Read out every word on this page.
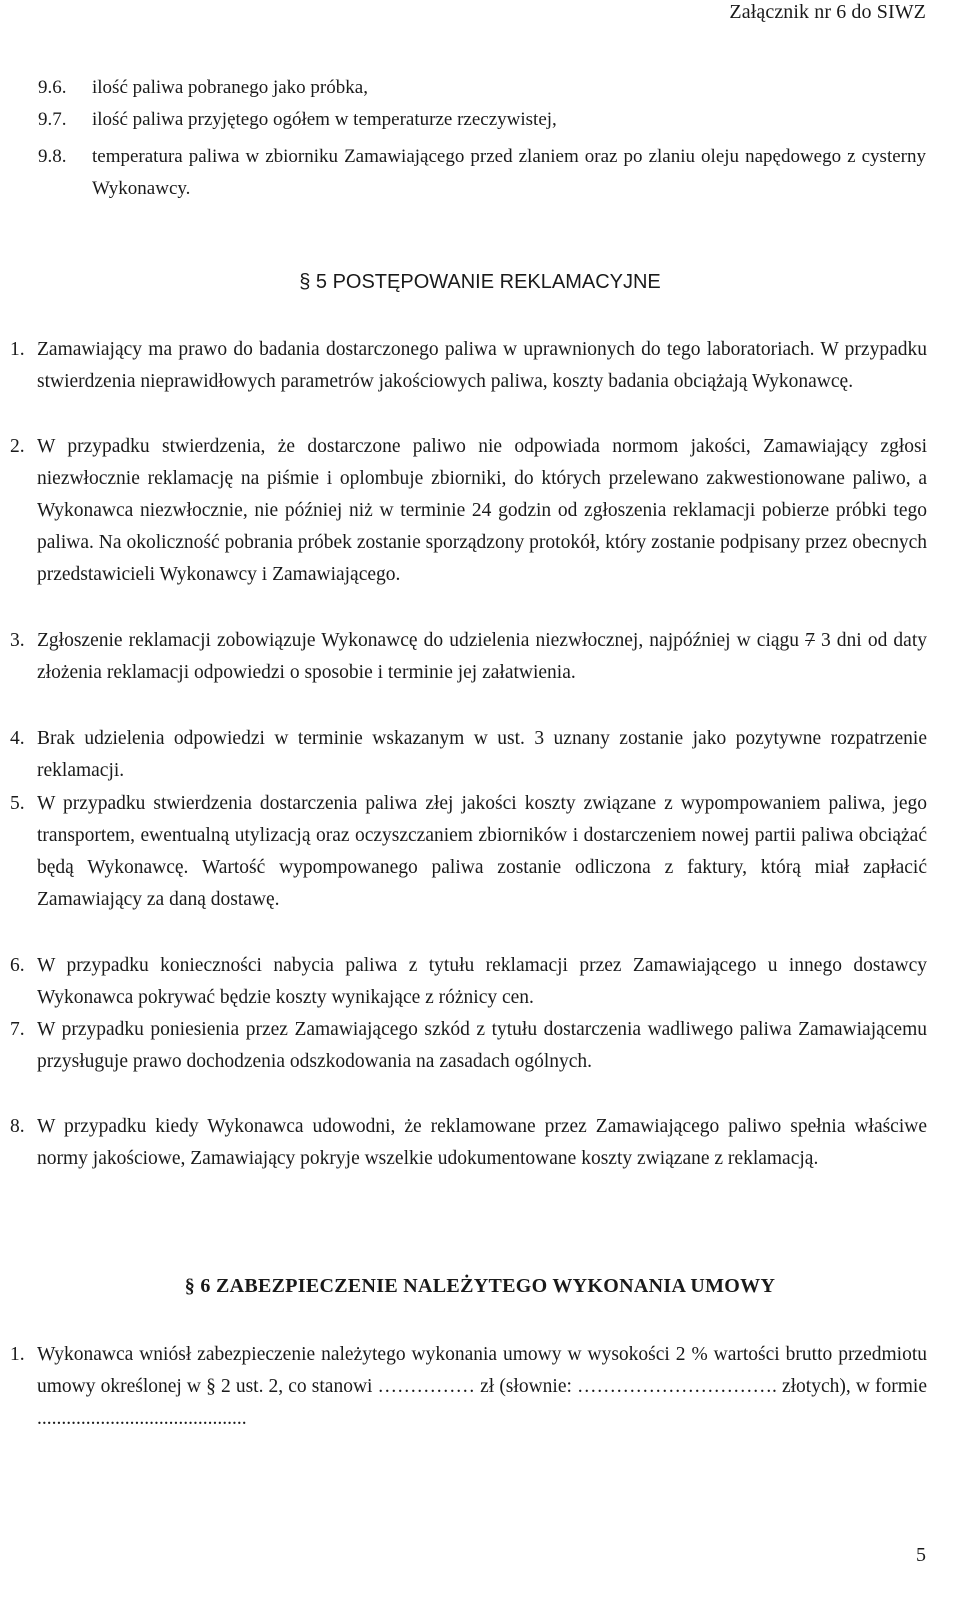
Załącznik nr 6 do SIWZ
9.6. ilość paliwa pobranego jako próbka,
9.7. ilość paliwa przyjętego ogółem w temperaturze rzeczywistej,
9.8. temperatura paliwa w zbiorniku Zamawiającego przed zlaniem oraz po zlaniu oleju napędowego z cysterny Wykonawcy.
§ 5 POSTĘPOWANIE REKLAMACYJNE
1. Zamawiający ma prawo do badania dostarczonego paliwa w uprawnionych do tego laboratoriach. W przypadku stwierdzenia nieprawidłowych parametrów jakościowych paliwa, koszty badania obciążają Wykonawcę.
2. W przypadku stwierdzenia, że dostarczone paliwo nie odpowiada normom jakości, Zamawiający zgłosi niezwłocznie reklamację na piśmie i oplombuje zbiorniki, do których przelewano zakwestionowane paliwo, a Wykonawca niezwłocznie, nie później niż w terminie 24 godzin od zgłoszenia reklamacji pobierze próbki tego paliwa. Na okoliczność pobrania próbek zostanie sporządzony protokół, który zostanie podpisany przez obecnych przedstawicieli Wykonawcy i Zamawiającego.
3. Zgłoszenie reklamacji zobowiązuje Wykonawcę do udzielenia niezwłocznej, najpóźniej w ciągu 7 3 dni od daty złożenia reklamacji odpowiedzi o sposobie i terminie jej załatwienia.
4. Brak udzielenia odpowiedzi w terminie wskazanym w ust. 3 uznany zostanie jako pozytywne rozpatrzenie reklamacji.
5. W przypadku stwierdzenia dostarczenia paliwa złej jakości koszty związane z wypompowaniem paliwa, jego transportem, ewentualną utylizacją oraz oczyszczaniem zbiorników i dostarczeniem nowej partii paliwa obciążać będą Wykonawcę. Wartość wypompowanego paliwa zostanie odliczona z faktury, którą miał zapłacić Zamawiający za daną dostawę.
6. W przypadku konieczności nabycia paliwa z tytułu reklamacji przez Zamawiającego u innego dostawcy Wykonawca pokrywać będzie koszty wynikające z różnicy cen.
7. W przypadku poniesienia przez Zamawiającego szkód z tytułu dostarczenia wadliwego paliwa Zamawiającemu przysługuje prawo dochodzenia odszkodowania na zasadach ogólnych.
8. W przypadku kiedy Wykonawca udowodni, że reklamowane przez Zamawiającego paliwo spełnia właściwe normy jakościowe, Zamawiający pokryje wszelkie udokumentowane koszty związane z reklamacją.
§ 6 ZABEZPIECZENIE NALEŻYTEGO WYKONANIA UMOWY
1. Wykonawca wniósł zabezpieczenie należytego wykonania umowy w wysokości 2 % wartości brutto przedmiotu umowy określonej w § 2 ust. 2, co stanowi …………… zł (słownie: …………………………. złotych), w formie ...........................................
5
